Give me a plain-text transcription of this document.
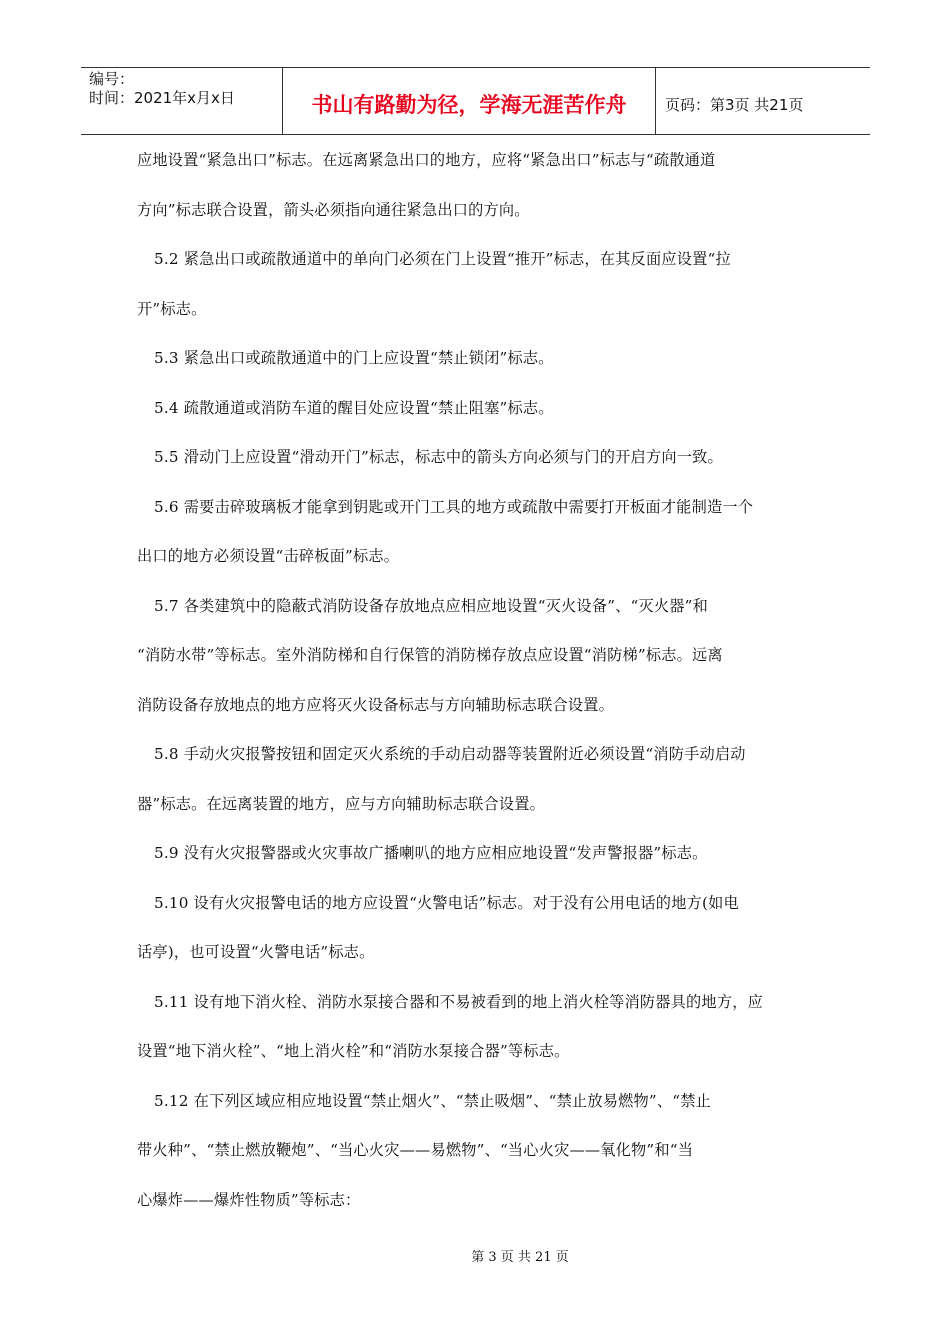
编号：
时间：2021年x月x日	书山有路勤为径，学海无涯苦作舟	页码：第3页 共21页
应地设置“紧急出口”标志。在远离紧急出口的地方，应将“紧急出口”标志与“疏散通道
方向”标志联合设置，箭头必须指向通往紧急出口的方向。
5.2 紧急出口或疏散通道中的单向门必须在门上设置“推开”标志，在其反面应设置“拉
开”标志。
5.3 紧急出口或疏散通道中的门上应设置“禁止锁闭”标志。
5.4 疏散通道或消防车道的醒目处应设置“禁止阻塞”标志。
5.5 滑动门上应设置“滑动开门”标志，标志中的箭头方向必须与门的开启方向一致。
5.6 需要击碎玻璃板才能拿到钥匙或开门工具的地方或疏散中需要打开板面才能制造一个
出口的地方必须设置“击碎板面”标志。
5.7 各类建筑中的隐蔽式消防设备存放地点应相应地设置“灭火设备”、“灭火器”和
“消防水带”等标志。室外消防梯和自行保管的消防梯存放点应设置“消防梯”标志。远离
消防设备存放地点的地方应将灭火设备标志与方向辅助标志联合设置。
5.8 手动火灾报警按钮和固定灭火系统的手动启动器等装置附近必须设置“消防手动启动
器”标志。在远离装置的地方，应与方向辅助标志联合设置。
5.9 没有火灾报警器或火灾事故广播喇叭的地方应相应地设置“发声警报器”标志。
5.10 设有火灾报警电话的地方应设置“火警电话”标志。对于没有公用电话的地方(如电
话亭)，也可设置“火警电话”标志。
5.11 设有地下消火栓、消防水泵接合器和不易被看到的地上消火栓等消防器具的地方，应
设置“地下消火栓”、“地上消火栓”和“消防水泵接合器”等标志。
5.12 在下列区域应相应地设置“禁止烟火”、“禁止吸烟”、“禁止放易燃物”、“禁止
带火种”、“禁止燃放鞭炮”、“当心火灾——易燃物”、“当心火灾——氧化物”和“当
心爆炸——爆炸性物质”等标志：
第 3 页 共 21 页
